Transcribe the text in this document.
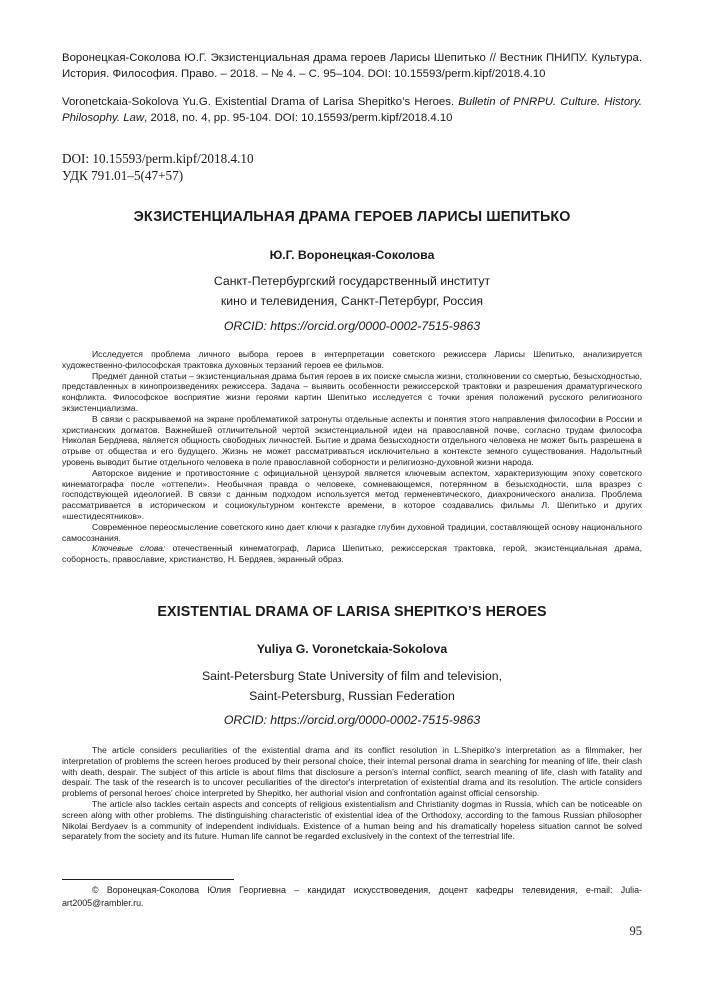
Воронецкая-Соколова Ю.Г. Экзистенциальная драма героев Ларисы Шепитько // Вестник ПНИПУ. Культура. История. Философия. Право. – 2018. – № 4. – С. 95–104. DOI: 10.15593/perm.kipf/2018.4.10
Voronetckaia-Sokolova Yu.G. Existential Drama of Larisa Shepitko’s Heroes. Bulletin of PNRPU. Culture. History. Philosophy. Law, 2018, no. 4, pp. 95-104. DOI: 10.15593/perm.kipf/2018.4.10
DOI: 10.15593/perm.kipf/2018.4.10
УДК 791.01–5(47+57)
ЭКЗИСТЕНЦИАЛЬНАЯ ДРАМА ГЕРОЕВ ЛАРИСЫ ШЕПИТЬКО
Ю.Г. Воронецкая-Соколова
Санкт-Петербургский государственный институт
кино и телевидения, Санкт-Петербург, Россия
ORCID: https://orcid.org/0000-0002-7515-9863

Исследуется проблема личного выбора героев в интерпретации советского режиссера Ларисы Шепитько, анализируется художественно-философская трактовка духовных терзаний героев ее фильмов.

Предмет данной статьи – экзистенциальная драма бытия героев в их поиске смысла жизни, столкновении со смертью, безысходностью, представленных в кинопроизведениях режиссера. Задача – выявить особенности режиссерской трактовки и разрешения драматургического конфликта. Философское восприятие жизни героями картин Шепитько исследуется с точки зрения положений русского религиозного экзистенциализма.

В связи с раскрываемой на экране проблематикой затронуты отдельные аспекты и понятия этого направления философии в России и христианских догматов. Важнейшей отличительной чертой экзистенциальной идеи на православной почве, согласно трудам философа Николая Бердяева, является общность свободных личностей. Бытие и драма безысходности отдельного человека не может быть разрешена в отрыве от общества и его будущего. Жизнь не может рассматриваться исключительно в контексте земного существования. Надолытный уровень выводит бытие отдельного человека в поле православной соборности и религиозно-духовной жизни народа.

Авторское видение и противостояние с официальной цензурой является ключевым аспектом, характеризующим эпоху советского кинематографа после «оттепели». Необычная правда о человеке, сомневающемся, потерянном в безысходности, шла вразрез с господствующей идеологией. В связи с данным подходом используется метод герменевтического, диахронического анализа. Проблема рассматривается в историческом и социокультурном контексте времени, в которое создавались фильмы Л. Шепитько и других «шестидесятников».

Современное переосмысление советского кино дает ключи к разгадке глубин духовной традиции, составляющей основу национального самосознания.

Ключевые слова: отечественный кинематограф, Лариса Шепитько, режиссерская трактовка, герой, экзистенциальная драма, соборность, православие, христианство, Н. Бердяев, экранный образ.

EXISTENTIAL DRAMA OF LARISA SHEPITKO’S HEROES
Yuliya G. Voronetckaia-Sokolova
Saint-Petersburg State University of film and television,
Saint-Petersburg, Russian Federation
ORCID: https://orcid.org/0000-0002-7515-9863

The article considers peculiarities of the existential drama and its conflict resolution in L.Shepitko's interpretation as a filmmaker, her interpretation of problems the screen heroes produced by their personal choice, their internal personal drama in searching for meaning of life, their clash with death, despair. The subject of this article is about films that disclosure a person’s internal conflict, search meaning of life, clash with fatality and despair. The task of the research is to uncover peculiarities of the director's interpretation of existential drama and its resolution. The article considers problems of personal heroes’ choice interpreted by Shepitko, her authorial vision and confrontation against official censorship.

The article also tackles certain aspects and concepts of religious existentialism and Christianity dogmas in Russia, which can be noticeable on screen along with other problems. The distinguishing characteristic of existential idea of the Orthodoxy, according to the famous Russian philosopher Nikolai Berdyaev is a community of independent individuals. Existence of a human being and his dramatically hopeless situation cannot be solved separately from the society and its future. Human life cannot be regarded exclusively in the context of the terrestrial life.

© Воронецкая-Соколова Юлия Георгиевна – кандидат искусствоведения, доцент кафедры телевидения, e-mail: Julia-art2005@rambler.ru.
95
